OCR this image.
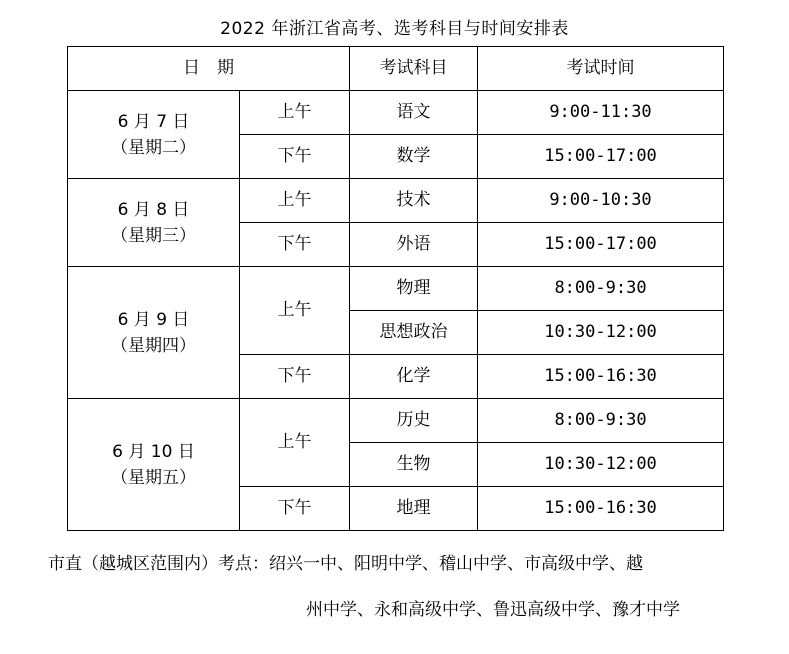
2022 年浙江省高考、选考科目与时间安排表
日　期		考试科目	考试时间

6 月 7 日
（星期二）	上午	语文	9:00-11:30
	下午	数学	15:00-17:00

6 月 8 日
（星期三）	上午	技术	9:00-10:30
	下午	外语	15:00-17:00

6 月 9 日
（星期四）	上午	物理	8:00-9:30
		思想政治	10:30-12:00
	下午	化学	15:00-16:30

6 月 10 日
（星期五）	上午	历史	8:00-9:30
		生物	10:30-12:00
	下午	地理	15:00-16:30
市直（越城区范围内）考点：绍兴一中、阳明中学、稽山中学、市高级中学、越
州中学、永和高级中学、鲁迅高级中学、豫才中学
